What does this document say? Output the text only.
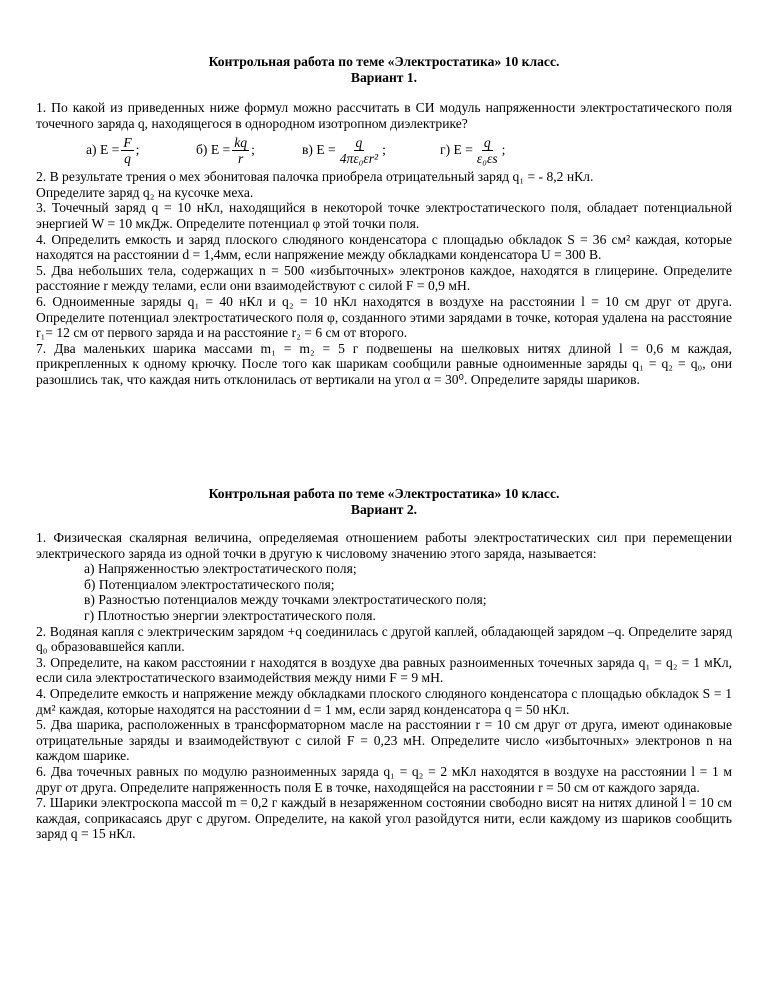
Контрольная работа по теме «Электростатика» 10 класс.

Вариант 1.

1. По какой из приведенных ниже формул можно рассчитать в СИ модуль напряженности электростатического поля точечного заряда q, находящегося в однородном изотропном диэлектрике?

а) $E = \frac{F}{q}$ ;	б) $E = \frac{kq}{r}$ ;	в) $E = \frac{q}{\text{4πε₀εr²}}$ ;	г) $E = \frac{q}{\text{ε₀εs}}$ ;

2. В результате трения о мех эбонитовая палочка приобрела отрицательный заряд q₁ = - 8,2 нКл.

Определите заряд q₂ на кусочке меха.

3. Точечный заряд q = 10 нКл, находящийся в некоторой точке электростатического поля, обладает потенциальной энергией W = 10 мкДж. Определите потенциал φ этой точки поля.

4. Определить емкость и заряд плоского слюдяного конденсатора с площадью обкладок S = 36 см² каждая, которые находятся на расстоянии d = 1,4мм, если напряжение между обкладками конденсатора U = 300 В.

5. Два небольших тела, содержащих n = 500 «избыточных» электронов каждое, находятся в глицерине. Определите расстояние r между телами, если они взаимодействуют с силой F = 0,9 мН.

6. Одноименные заряды q₁ = 40 нКл и q₂ = 10 нКл находятся в воздухе на расстоянии l = 10 см друг от друга. Определите потенциал электростатического поля φ, созданного этими зарядами в точке, которая удалена на расстояние r₁= 12 см от первого заряда и на расстояние r₂ = 6 см от второго.

7. Два маленьких шарика массами m₁ = m₂ = 5 г подвешены на шелковых нитях длиной l = 0,6 м каждая, прикрепленных к одному крючку. После того как шарикам сообщили равные одноименные заряды q₁ = q₂ = q₀, они разошлись так, что каждая нить отклонилась от вертикали на угол α = 30⁰. Определите заряды шариков.

Контрольная работа по теме «Электростатика» 10 класс.

Вариант 2.

1. Физическая скалярная величина, определяемая отношением работы электростатических сил при перемещении электрического заряда из одной точки в другую к числовому значению этого заряда, называется:

а) Напряженностью электростатического поля;

б) Потенциалом электростатического поля;

в) Разностью потенциалов между точками электростатического поля;

г) Плотностью энергии электростатического поля.

2. Водяная капля с электрическим зарядом +q соединилась с другой каплей, обладающей зарядом –q. Определите заряд q₀ образовавшейся капли.

3. Определите, на каком расстоянии r находятся в воздухе два равных разноименных точечных заряда q₁ = q₂ = 1 мКл, если сила электростатического взаимодействия между ними F = 9 мН.

4. Определите емкость и напряжение между обкладками плоского слюдяного конденсатора с площадью обкладок S = 1 дм² каждая, которые находятся на расстоянии d = 1 мм, если заряд конденсатора q = 50 нКл.

5. Два шарика, расположенных в трансформаторном масле на расстоянии r = 10 см друг от друга, имеют одинаковые отрицательные заряды и взаимодействуют с силой F = 0,23 мН. Определите число «избыточных» электронов n на каждом шарике.

6. Два точечных равных по модулю разноименных заряда q₁ = q₂ = 2 мКл находятся в воздухе на расстоянии l = 1 м друг от друга. Определите напряженность поля Е в точке, находящейся на расстоянии r = 50 см от каждого заряда.

7. Шарики электроскопа массой m = 0,2 г каждый в незаряженном состоянии свободно висят на нитях длиной l = 10 см каждая, соприкасаясь друг с другом. Определите, на какой угол разойдутся нити, если каждому из шариков сообщить заряд q = 15 нКл.
